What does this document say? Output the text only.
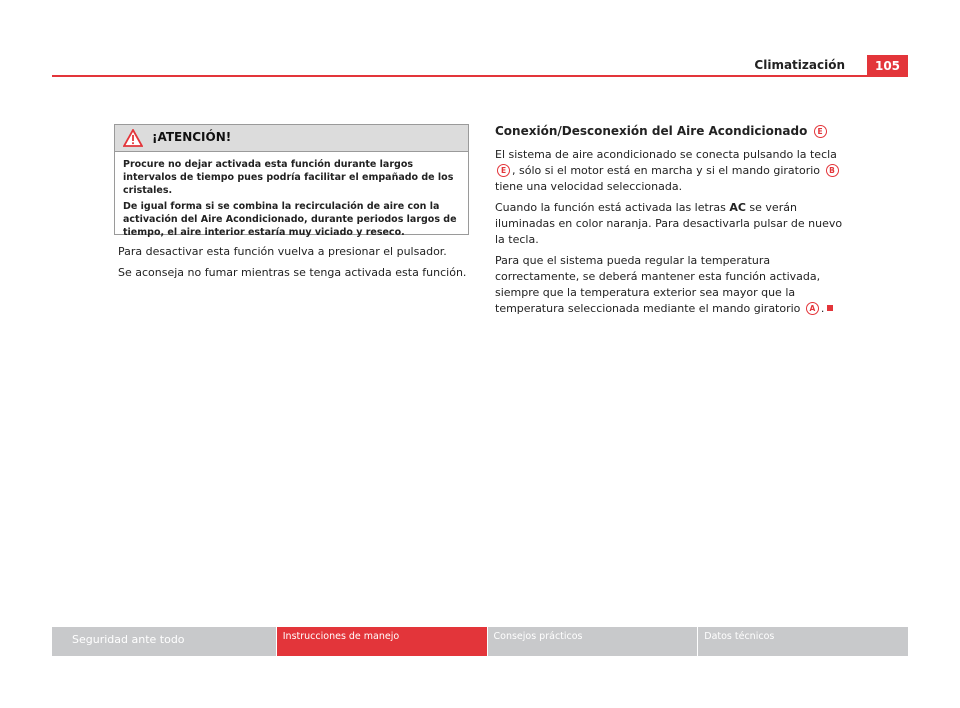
Climatización	105
¡ATENCIÓN!

Procure no dejar activada esta función durante largos intervalos de tiempo pues podría facilitar el empañado de los cristales.

De igual forma si se combina la recirculación de aire con la activación del Aire Acondicionado, durante periodos largos de tiempo, el aire interior estaría muy viciado y reseco.

Para desactivar esta función vuelva a presionar el pulsador.

Se aconseja no fumar mientras se tenga activada esta función.

Conexión/Desconexión del Aire Acondicionado E

El sistema de aire acondicionado se conecta pulsando la tecla E , sólo si el motor está en marcha y si el mando giratorio B tiene una velocidad seleccionada.

Cuando la función está activada las letras AC se verán iluminadas en color naranja. Para desactivarla pulsar de nuevo la tecla.

Para que el sistema pueda regular la temperatura correctamente, se deberá mantener esta función activada, siempre que la temperatura exterior sea mayor que la temperatura seleccionada mediante el mando giratorio A .

Seguridad ante todo	Instrucciones de manejo	Consejos prácticos	Datos técnicos
